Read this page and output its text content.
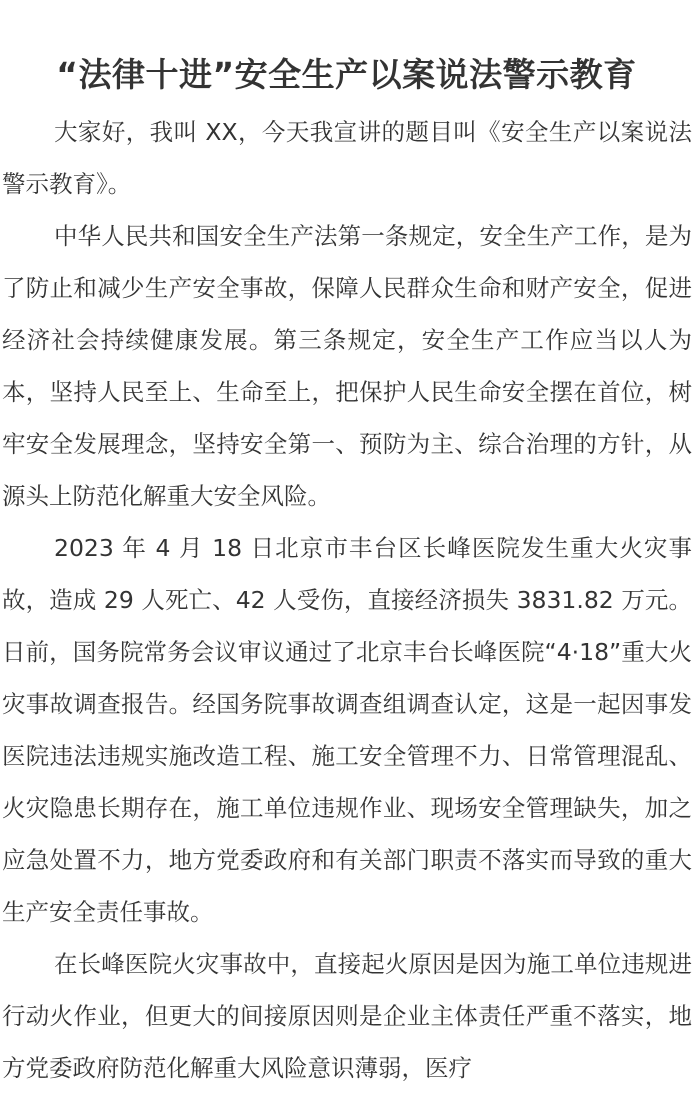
“法律十进”安全生产以案说法警示教育

大家好，我叫 XX，今天我宣讲的题目叫《安全生产以案说法警示教育》。

中华人民共和国安全生产法第一条规定，安全生产工作，是为了防止和减少生产安全事故，保障人民群众生命和财产安全，促进经济社会持续健康发展。第三条规定，安全生产工作应当以人为本，坚持人民至上、生命至上，把保护人民生命安全摆在首位，树牢安全发展理念，坚持安全第一、预防为主、综合治理的方针，从源头上防范化解重大安全风险。

2023 年 4 月 18 日北京市丰台区长峰医院发生重大火灾事故，造成 29 人死亡、42 人受伤，直接经济损失 3831.82 万元。日前，国务院常务会议审议通过了北京丰台长峰医院“4·18”重大火灾事故调查报告。经国务院事故调查组调查认定，这是一起因事发医院违法违规实施改造工程、施工安全管理不力、日常管理混乱、火灾隐患长期存在，施工单位违规作业、现场安全管理缺失，加之应急处置不力，地方党委政府和有关部门职责不落实而导致的重大生产安全责任事故。

在长峰医院火灾事故中，直接起火原因是因为施工单位违规进行动火作业，但更大的间接原因则是企业主体责任严重不落实，地方党委政府防范化解重大风险意识薄弱，医疗
